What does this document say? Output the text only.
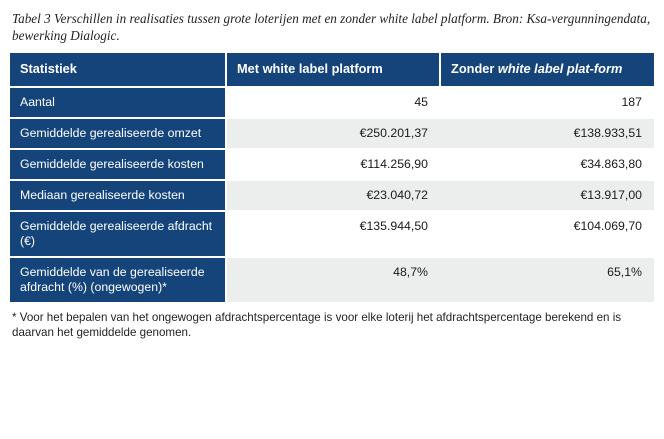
Tabel 3 Verschillen in realisaties tussen grote loterijen met en zonder white label platform. Bron: Ksa-vergunningendata, bewerking Dialogic.
Statistiek	Met white label platform	Zonder white label plat-form
Aantal	45	187
Gemiddelde gerealiseerde omzet	€250.201,37	€138.933,51
Gemiddelde gerealiseerde kosten	€114.256,90	€34.863,80
Mediaan gerealiseerde kosten	€23.040,72	€13.917,00
Gemiddelde gerealiseerde afdracht (€)	€135.944,50	€104.069,70
Gemiddelde van de gerealiseerde afdracht (%) (ongewogen)*	48,7%	65,1%
* Voor het bepalen van het ongewogen afdrachtspercentage is voor elke loterij het afdrachtspercentage berekend en is daarvan het gemiddelde genomen.
